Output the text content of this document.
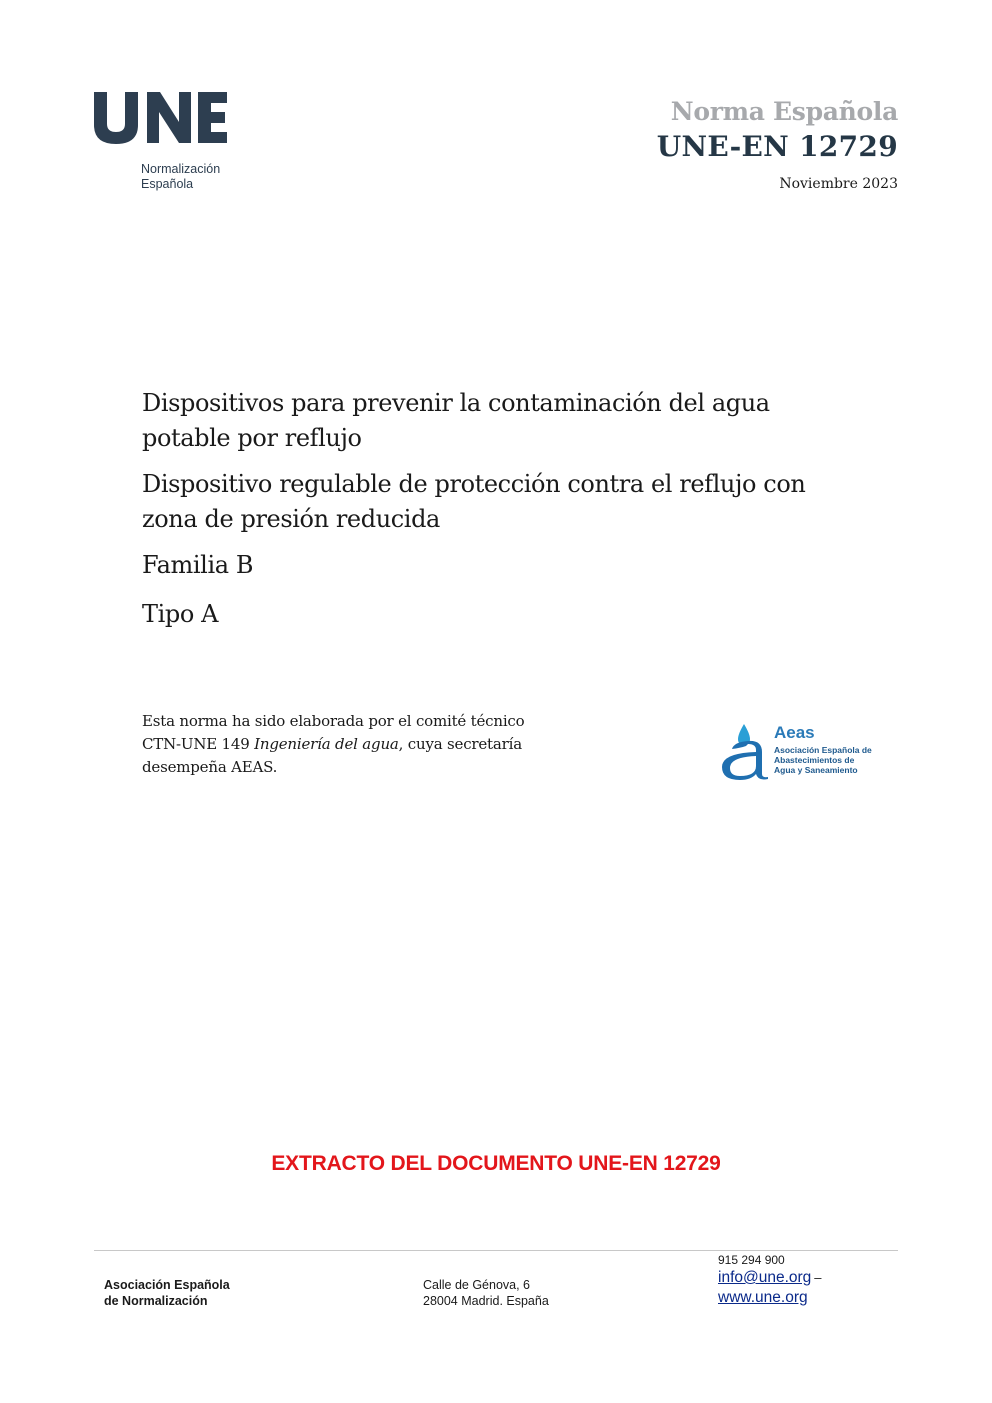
Normalización
Española
Norma Española
UNE-EN 12729
Noviembre 2023
Dispositivos para prevenir la contaminación del agua potable por reflujo
Dispositivo regulable de protección contra el reflujo con zona de presión reducida
Familia B
Tipo A
Esta norma ha sido elaborada por el comité técnico
CTN-UNE 149 Ingeniería del agua, cuya secretaría
desempeña AEAS.
Aeas
Asociación Española de
Abastecimientos de
Agua y Saneamiento
EXTRACTO DEL DOCUMENTO UNE-EN 12729
Asociación Española
de Normalización
Calle de Génova, 6
28004 Madrid. España
915 294 900
info@une.org –
www.une.org
